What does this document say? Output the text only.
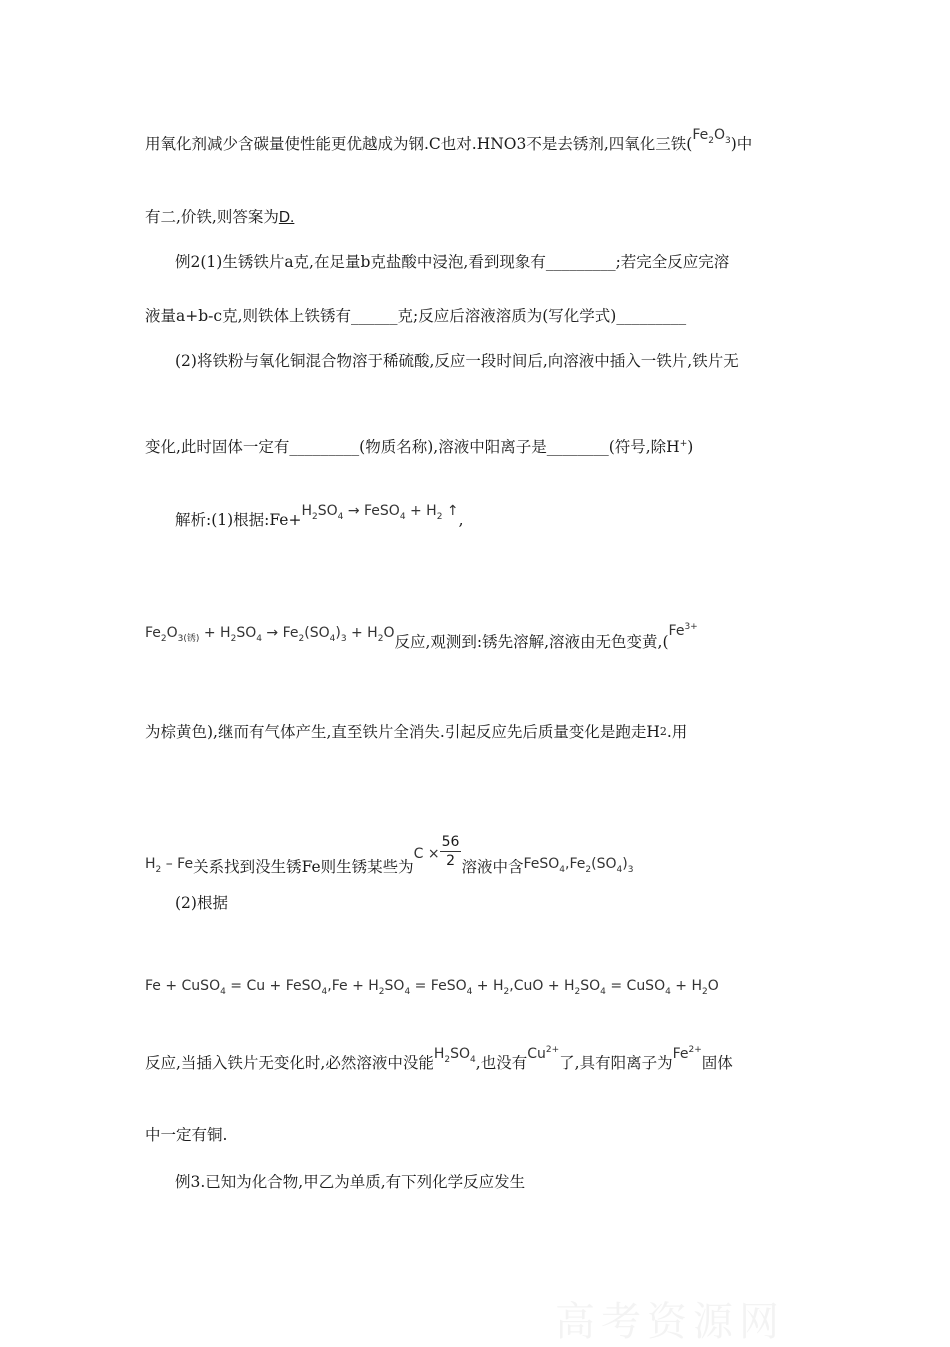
用氧化剂减少含碳量使性能更优越成为钢.C也对.HNO3不是去锈剂,四氧化三铁$(Fe_2O_3)$中
有二,价铁,则答案为D.
例2(1)生锈铁片a克,在足量b克盐酸中浸泡,看到现象有_________;若完全反应完溶
液量a+b-c克,则铁体上铁锈有______克;反应后溶液溶质为(写化学式)_________
(2)将铁粉与氧化铜混合物溶于稀硫酸,反应一段时间后,向溶液中插入一铁片,铁片无
变化,此时固体一定有_________(物质名称),溶液中阳离子是________(符号,除H+)
解析:(1)根据$:Fe+H_2SO_4$ → FeSO$_4$ + $H_2$ ↑,
$Fe_2O_{3(锈)} + H_2SO_4 \to Fe_2(SO_4)_3 + H_2O$反应,观测到:锈先溶解,溶液由无色变黄$,(Fe^{3+}$
为棕黄色),继而有气体产生,直至铁片全消失.引起反应先后质量变化是跑走H2.用
$H_2$ – Fe关系找到没生锈Fe则生锈某些为$C \times \frac{56}{2}$ 溶液中含$FeSO_4,Fe_2(SO_4)_3$
(2)根据
Fe + CuSO$_4$ = Cu + FeSO$_4$,Fe + $H_2SO_4$ = FeSO$_4$ + $H_2,CuO + H_2SO_4$ = CuSO$_4$ + $H_2O$
反应,当插入铁片无变化时,必然溶液中没能$H_2SO_4$,也没有$Cu^{2+}$了,具有阳离子为$Fe^{2+}$固体
中一定有铜.
例3.已知为化合物,甲乙为单质,有下列化学反应发生
高考资源网
